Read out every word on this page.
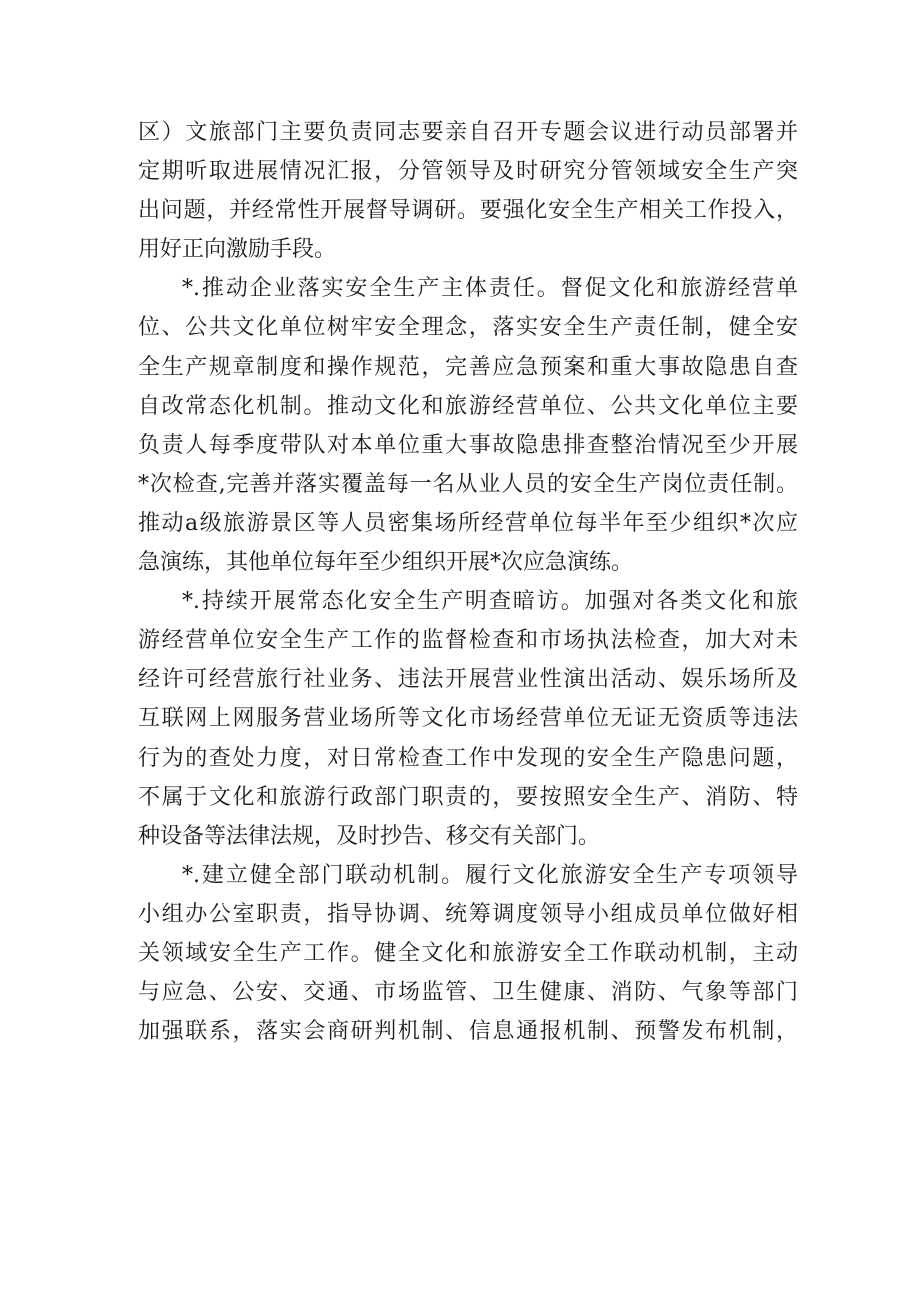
区）文旅部门主要负责同志要亲自召开专题会议进行动员部署并
定期听取进展情况汇报，分管领导及时研究分管领域安全生产突
出问题，并经常性开展督导调研。要强化安全生产相关工作投入，
用好正向激励手段。
*.推动企业落实安全生产主体责任。督促文化和旅游经营单
位、公共文化单位树牢安全理念，落实安全生产责任制，健全安
全生产规章制度和操作规范，完善应急预案和重大事故隐患自查
自改常态化机制。推动文化和旅游经营单位、公共文化单位主要
负责人每季度带队对本单位重大事故隐患排查整治情况至少开展
*次检查,完善并落实覆盖每一名从业人员的安全生产岗位责任制。
推动a级旅游景区等人员密集场所经营单位每半年至少组织*次应
急演练，其他单位每年至少组织开展*次应急演练。
*.持续开展常态化安全生产明查暗访。加强对各类文化和旅
游经营单位安全生产工作的监督检查和市场执法检查，加大对未
经许可经营旅行社业务、违法开展营业性演出活动、娱乐场所及
互联网上网服务营业场所等文化市场经营单位无证无资质等违法
行为的查处力度，对日常检查工作中发现的安全生产隐患问题，
不属于文化和旅游行政部门职责的，要按照安全生产、消防、特
种设备等法律法规，及时抄告、移交有关部门。
*.建立健全部门联动机制。履行文化旅游安全生产专项领导
小组办公室职责，指导协调、统筹调度领导小组成员单位做好相
关领域安全生产工作。健全文化和旅游安全工作联动机制，主动
与应急、公安、交通、市场监管、卫生健康、消防、气象等部门
加强联系，落实会商研判机制、信息通报机制、预警发布机制，
